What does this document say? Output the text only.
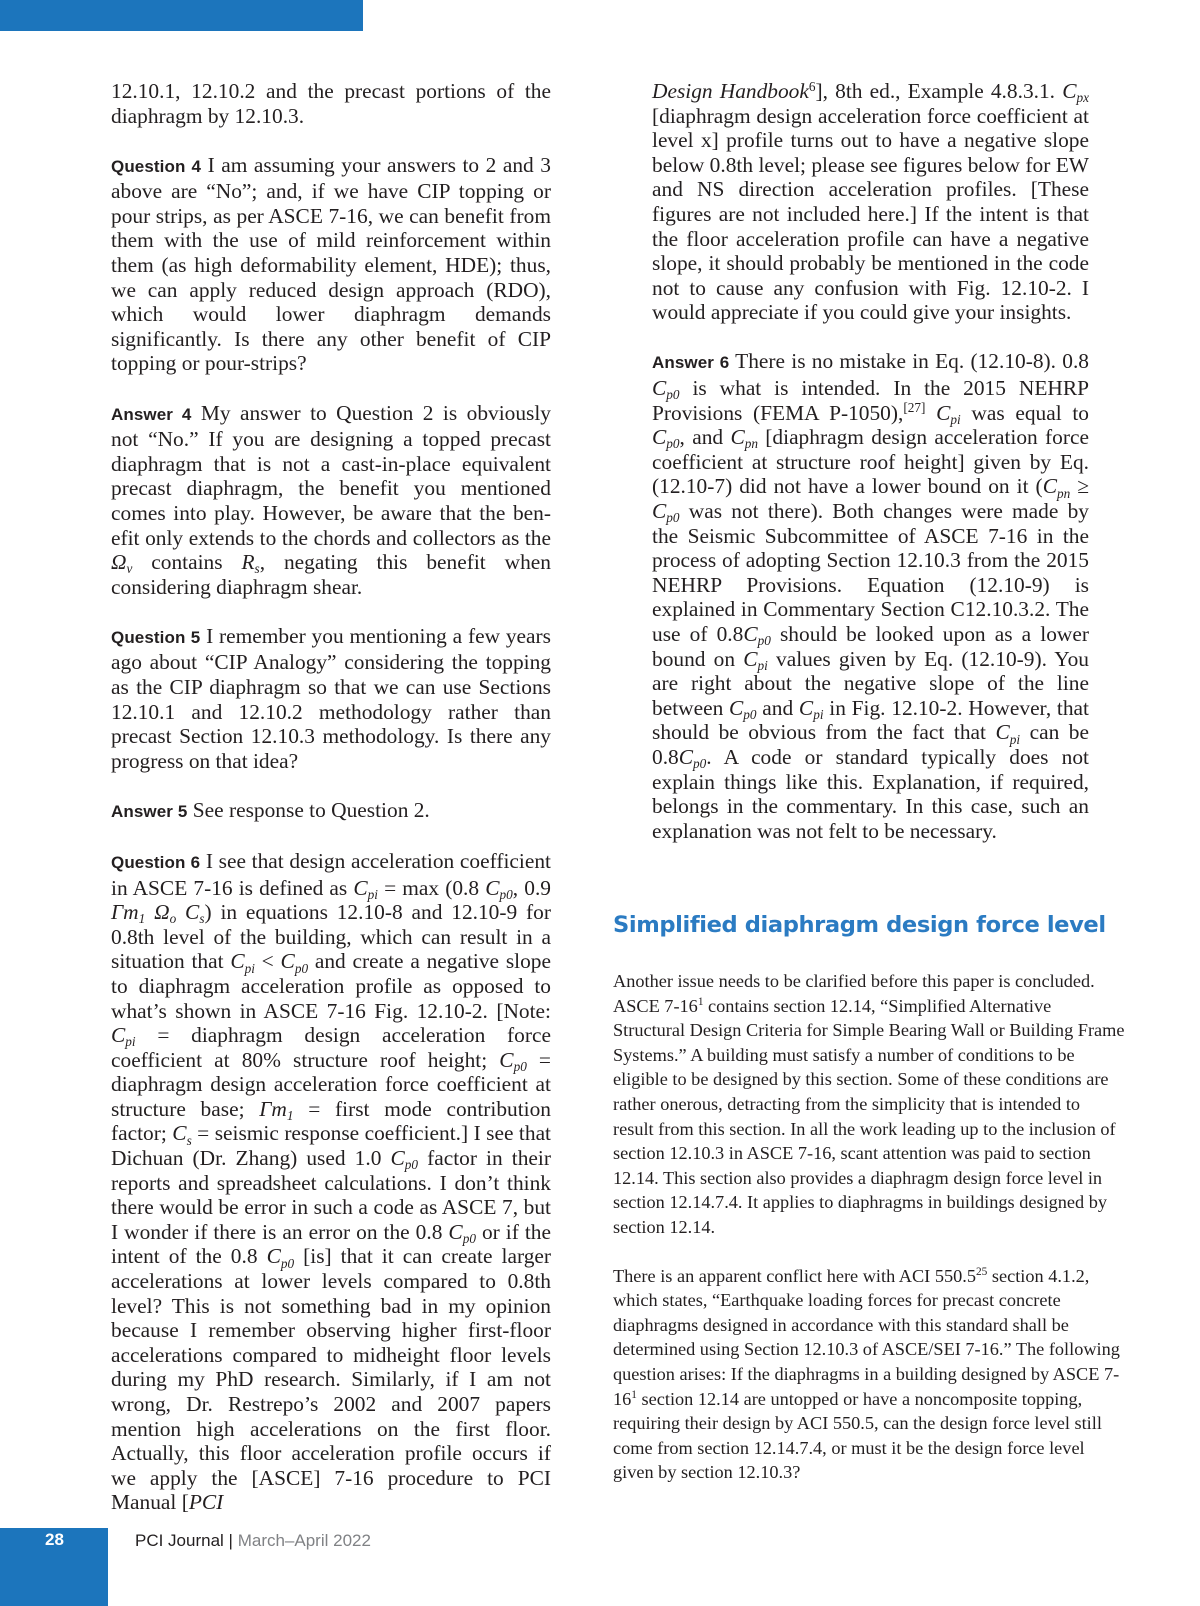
12.10.1, 12.10.2 and the precast portions of the diaphragm by 12.10.3.

Question 4 I am assuming your answers to 2 and 3 above are “No”; and, if we have CIP topping or pour strips, as per ASCE 7-16, we can benefit from them with the use of mild reinforcement within them (as high deformability element, HDE); thus, we can apply reduced design approach (RDO), which would lower diaphragm demands significantly. Is there any other benefit of CIP topping or pour-strips?

Answer 4 My answer to Question 2 is obviously not “No.” If you are designing a topped precast diaphragm that is not a cast-in-place equivalent precast diaphragm, the benefit you mentioned comes into play. However, be aware that the benefit only extends to the chords and collectors as the $\Omega_v$ contains $R_s$, negating this benefit when considering diaphragm shear.

Question 5 I remember you mentioning a few years ago about “CIP Analogy” considering the topping as the CIP diaphragm so that we can use Sections 12.10.1 and 12.10.2 methodology rather than precast Section 12.10.3 methodology. Is there any progress on that idea?

Answer 5 See response to Question 2.

Question 6 I see that design acceleration coefficient in ASCE 7-16 is defined as $C_{pi} = \max (0.8$ $C_{p0}$, 0.9 $\Gamma m_1$ $\Omega_o$ $C_s$) in equations 12.10-8 and 12.10-9 for 0.8th level of the building, which can result in a situation that $C_{pi} < C_{p0}$ and create a negative slope to diaphragm acceleration profile as opposed to what’s shown in ASCE 7-16 Fig. 12.10-2. [Note: $C_{pi}$ = diaphragm design acceleration force coefficient at 80% structure roof height; $C_{p0}$ = diaphragm design acceleration force coefficient at structure base; $\Gamma m_1$ = first mode contribution factor; $C_s$ = seismic response coefficient.] I see that Dichuan (Dr. Zhang) used 1.0 $C_{p0}$ factor in their reports and spreadsheet calculations. I don’t think there would be error in such a code as ASCE 7, but I wonder if there is an error on the 0.8 $C_{p0}$ or if the intent of the 0.8 $C_{p0}$ [is] that it can create larger accelerations at lower levels compared to 0.8th level? This is not something bad in my opinion because I remember observing higher first-floor accelerations compared to midheight floor levels during my PhD research. Similarly, if I am not wrong, Dr. Restrepo’s 2002 and 2007 papers mention high accelerations on the first floor. Actually, this floor acceleration profile occurs if we apply the [ASCE] 7-16 procedure to PCI Manual [PCI

Design Handbook$^6$], 8th ed., Example 4.8.3.1. $C_{px}$ [diaphragm design acceleration force coefficient at level x] profile turns out to have a negative slope below 0.8th level; please see figures below for EW and NS direction acceleration profiles. [These figures are not included here.] If the intent is that the floor acceleration profile can have a negative slope, it should probably be mentioned in the code not to cause any confusion with Fig. 12.10-2. I would appreciate if you could give your insights.

Answer 6 There is no mistake in Eq. (12.10-8). 0.8 $C_{p0}$ is what is intended. In the 2015 NEHRP Provisions (FEMA P-1050),[27] $C_{pi}$ was equal to $C_{p0}$, and $C_{pn}$ [diaphragm design acceleration force coefficient at structure roof height] given by Eq. (12.10-7) did not have a lower bound on it ($C_{pn} \ge C_{p0}$ was not there). Both changes were made by the Seismic Subcommittee of ASCE 7-16 in the process of adopting Section 12.10.3 from the 2015 NEHRP Provisions. Equation (12.10-9) is explained in Commentary Section C12.10.3.2. The use of $0.8C_{p0}$ should be looked upon as a lower bound on $C_{pi}$ values given by Eq. (12.10-9). You are right about the negative slope of the line between $C_{p0}$ and $C_{pi}$ in Fig. 12.10-2. However, that should be obvious from the fact that $C_{pi}$ can be $0.8C_{p0}$. A code or standard typically does not explain things like this. Explanation, if required, belongs in the commentary. In this case, such an explanation was not felt to be necessary.

Simplified diaphragm design force level

Another issue needs to be clarified before this paper is concluded. ASCE $7-16^1$ contains section 12.14, “Simplified Alternative Structural Design Criteria for Simple Bearing Wall or Building Frame Systems.” A building must satisfy a number of conditions to be eligible to be designed by this section. Some of these conditions are rather onerous, detracting from the simplicity that is intended to result from this section. In all the work leading up to the inclusion of section 12.10.3 in ASCE 7-16, scant attention was paid to section 12.14. This section also provides a diaphragm design force level in section 12.14.7.4. It applies to diaphragms in buildings designed by section 12.14.

There is an apparent conflict here with ACI 550.5$^{25}$ section 4.1.2, which states, “Earthquake loading forces for precast concrete diaphragms designed in accordance with this standard shall be determined using Section 12.10.3 of ASCE/SEI 7-16.” The following question arises: If the diaphragms in a building designed by ASCE $7-16^1$ section 12.14 are untopped or have a noncomposite topping, requiring their design by ACI 550.5, can the design force level still come from section 12.14.7.4, or must it be the design force level given by section 12.10.3?

28	PCI Journal | March–April 2022
